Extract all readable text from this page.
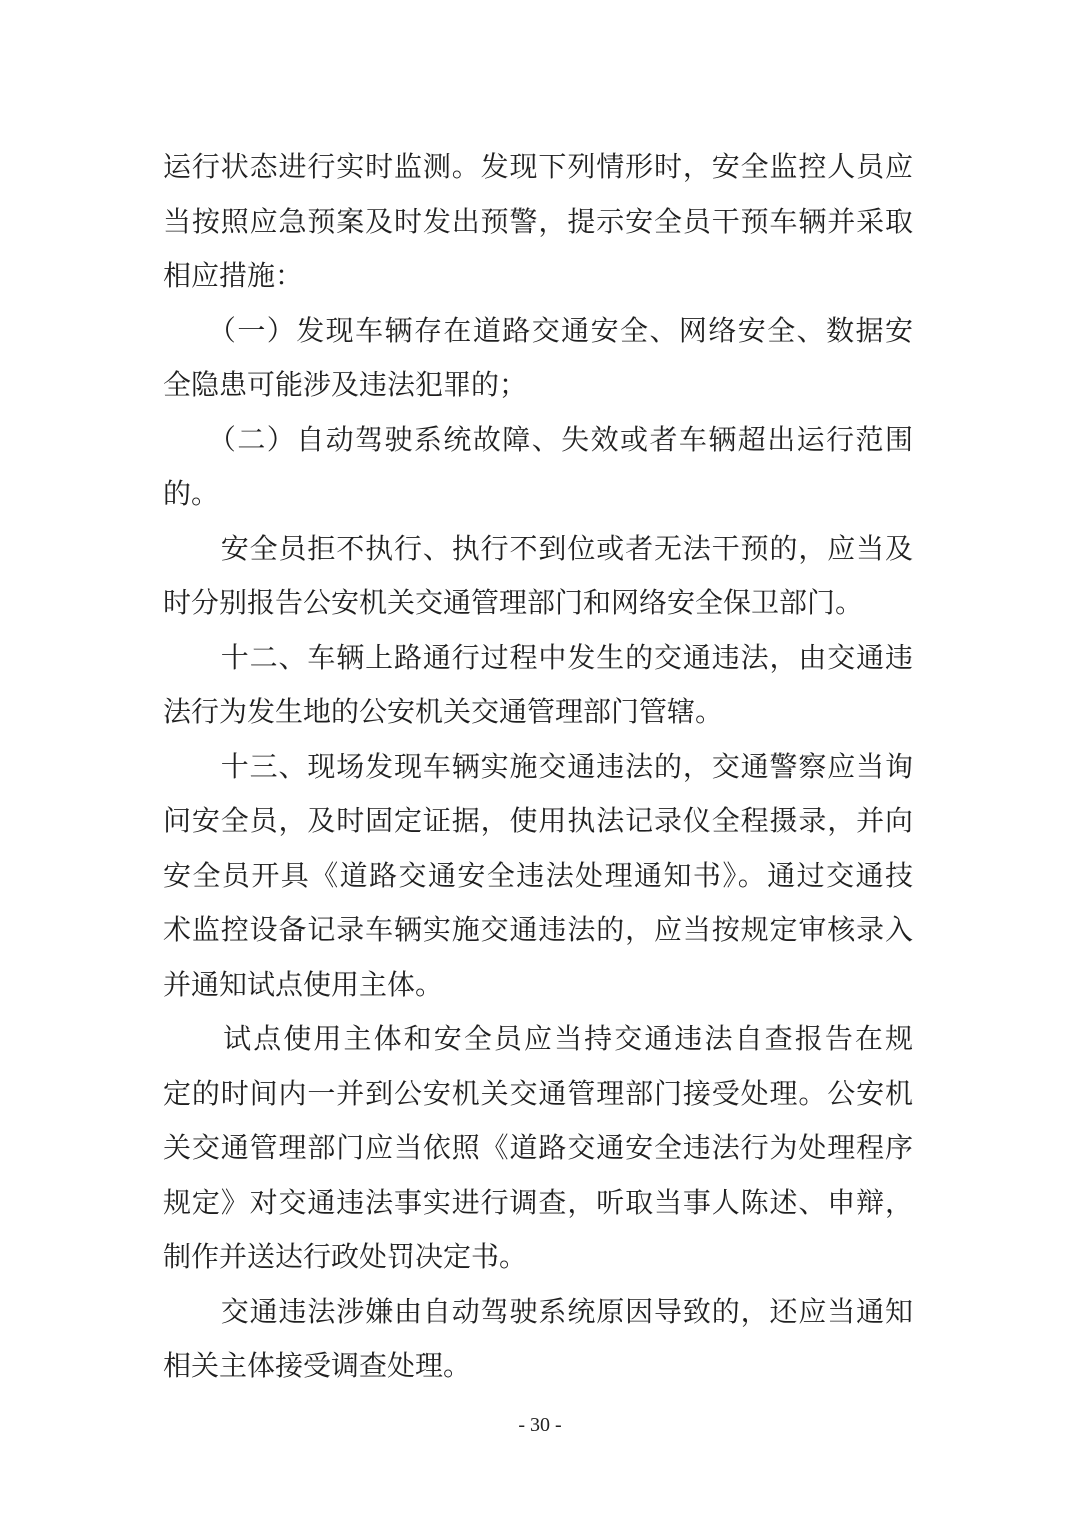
运行状态进行实时监测。发现下列情形时，安全监控人员应
当按照应急预案及时发出预警，提示安全员干预车辆并采取
相应措施：
　　（一）发现车辆存在道路交通安全、网络安全、数据安
全隐患可能涉及违法犯罪的；
　　（二）自动驾驶系统故障、失效或者车辆超出运行范围
的。
　　安全员拒不执行、执行不到位或者无法干预的，应当及
时分别报告公安机关交通管理部门和网络安全保卫部门。
　　十二、车辆上路通行过程中发生的交通违法，由交通违
法行为发生地的公安机关交通管理部门管辖。
　　十三、现场发现车辆实施交通违法的，交通警察应当询
问安全员，及时固定证据，使用执法记录仪全程摄录，并向
安全员开具《道路交通安全违法处理通知书》。通过交通技
术监控设备记录车辆实施交通违法的，应当按规定审核录入
并通知试点使用主体。
　　试点使用主体和安全员应当持交通违法自查报告在规
定的时间内一并到公安机关交通管理部门接受处理。公安机
关交通管理部门应当依照《道路交通安全违法行为处理程序
规定》对交通违法事实进行调查，听取当事人陈述、申辩，
制作并送达行政处罚决定书。
　　交通违法涉嫌由自动驾驶系统原因导致的，还应当通知
相关主体接受调查处理。
- 30 -
